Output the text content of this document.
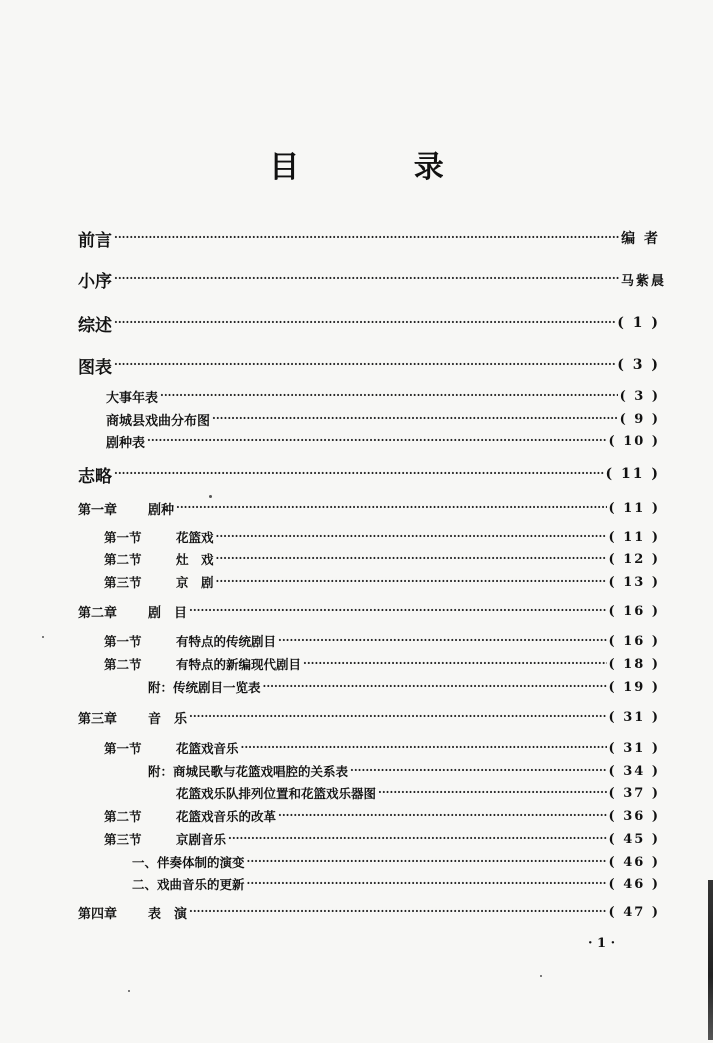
目 录
前言 ·····	编 者
小序 ·····	马紫晨
综述 ·····	( 1 )
图表 ·····	( 3 )
大事年表 ·····	( 3 )
商城县戏曲分布图 ·····	( 9 )
剧种表 ·····	( 10 )
志略 ·····	( 11 )
第一章 剧种 ·····	( 11 )
第一节	花篮戏 ·····	( 11 )
第二节	灶　戏 ·····	( 12 )
第三节	京　剧 ·····	( 13 )
第二章 剧　目 ·····	( 16 )
第一节	有特点的传统剧目 ·····	( 16 )
第二节	有特点的新编现代剧目 ·····	( 18 )
附：传统剧目一览表 ·····	( 19 )
第三章 音　乐 ·····	( 31 )
第一节	花篮戏音乐 ·····	( 31 )
附：商城民歌与花篮戏唱腔的关系表 ·····	( 34 )
花篮戏乐队排列位置和花篮戏乐器图 ·····	( 37 )
第二节	花篮戏音乐的改革 ·····	( 36 )
第三节	京剧音乐 ·····	( 45 )
一、伴奏体制的演变 ·····	( 46 )
二、戏曲音乐的更新 ·····	( 46 )
第四章 表　演 ·····	( 47 )
· 1 ·
